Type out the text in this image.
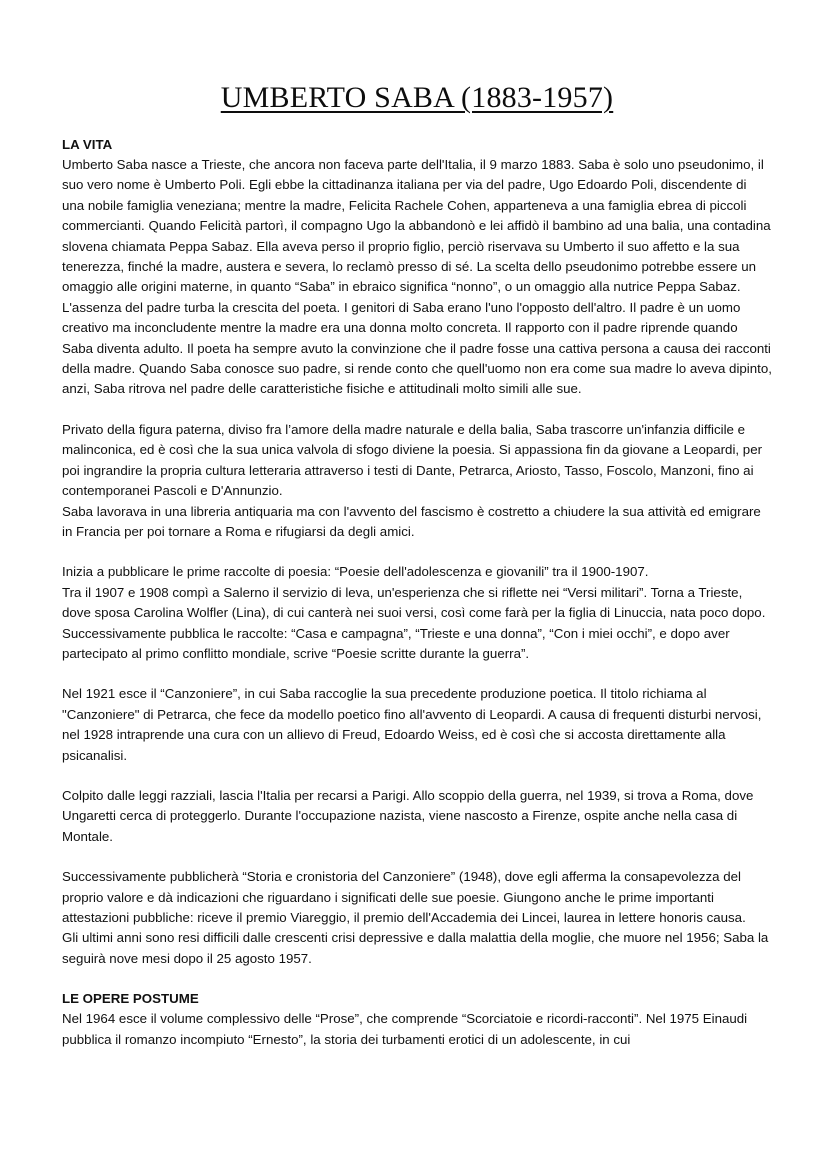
UMBERTO SABA (1883-1957)
LA VITA

Umberto Saba nasce a Trieste, che ancora non faceva parte dell'Italia, il 9 marzo 1883. Saba è solo uno pseudonimo, il suo vero nome è Umberto Poli. Egli ebbe la cittadinanza italiana per via del padre, Ugo Edoardo Poli, discendente di una nobile famiglia veneziana; mentre la madre, Felicita Rachele Cohen, apparteneva a una famiglia ebrea di piccoli commercianti. Quando Felicità partorì, il compagno Ugo la abbandonò e lei affidò il bambino ad una balia, una contadina slovena chiamata Peppa Sabaz. Ella aveva perso il proprio figlio, perciò riservava su Umberto il suo affetto e la sua tenerezza, finché la madre, austera e severa, lo reclamò presso di sé. La scelta dello pseudonimo potrebbe essere un omaggio alle origini materne, in quanto “Saba” in ebraico significa “nonno”, o un omaggio alla nutrice Peppa Sabaz. L'assenza del padre turba la crescita del poeta. I genitori di Saba erano l'uno l'opposto dell'altro. Il padre è un uomo creativo ma inconcludente mentre la madre era una donna molto concreta. Il rapporto con il padre riprende quando Saba diventa adulto. Il poeta ha sempre avuto la convinzione che il padre fosse una cattiva persona a causa dei racconti della madre. Quando Saba conosce suo padre, si rende conto che quell'uomo non era come sua madre lo aveva dipinto, anzi, Saba ritrova nel padre delle caratteristiche fisiche e attitudinali molto simili alle sue.

Privato della figura paterna, diviso fra l’amore della madre naturale e della balia, Saba trascorre un'infanzia difficile e malinconica, ed è così che la sua unica valvola di sfogo diviene la poesia. Si appassiona fin da giovane a Leopardi, per poi ingrandire la propria cultura letteraria attraverso i testi di Dante, Petrarca, Ariosto, Tasso, Foscolo, Manzoni, fino ai contemporanei Pascoli e D'Annunzio.

Saba lavorava in una libreria antiquaria ma con l'avvento del fascismo è costretto a chiudere la sua attività ed emigrare in Francia per poi tornare a Roma e rifugiarsi da degli amici.

Inizia a pubblicare le prime raccolte di poesia: “Poesie dell'adolescenza e giovanili” tra il 1900-1907.

Tra il 1907 e 1908 compì a Salerno il servizio di leva, un'esperienza che si riflette nei “Versi militari”. Torna a Trieste, dove sposa Carolina Wolfler (Lina), di cui canterà nei suoi versi, così come farà per la figlia di Linuccia, nata poco dopo. Successivamente pubblica le raccolte: “Casa e campagna”, “Trieste e una donna”, “Con i miei occhi”, e dopo aver partecipato al primo conflitto mondiale, scrive “Poesie scritte durante la guerra”.

Nel 1921 esce il “Canzoniere”, in cui Saba raccoglie la sua precedente produzione poetica. Il titolo richiama al "Canzoniere" di Petrarca, che fece da modello poetico fino all'avvento di Leopardi. A causa di frequenti disturbi nervosi, nel 1928 intraprende una cura con un allievo di Freud, Edoardo Weiss, ed è così che si accosta direttamente alla psicanalisi.

Colpito dalle leggi razziali, lascia l'Italia per recarsi a Parigi. Allo scoppio della guerra, nel 1939, si trova a Roma, dove Ungaretti cerca di proteggerlo. Durante l'occupazione nazista, viene nascosto a Firenze, ospite anche nella casa di Montale.

Successivamente pubblicherà “Storia e cronistoria del Canzoniere” (1948), dove egli afferma la consapevolezza del proprio valore e dà indicazioni che riguardano i significati delle sue poesie. Giungono anche le prime importanti attestazioni pubbliche: riceve il premio Viareggio, il premio dell'Accademia dei Lincei, laurea in lettere honoris causa.

Gli ultimi anni sono resi difficili dalle crescenti crisi depressive e dalla malattia della moglie, che muore nel 1956; Saba la seguirà nove mesi dopo il 25 agosto 1957.

LE OPERE POSTUME

Nel 1964 esce il volume complessivo delle “Prose”, che comprende “Scorciatoie e ricordi-racconti”. Nel 1975 Einaudi pubblica il romanzo incompiuto “Ernesto”, la storia dei turbamenti erotici di un adolescente, in cui
